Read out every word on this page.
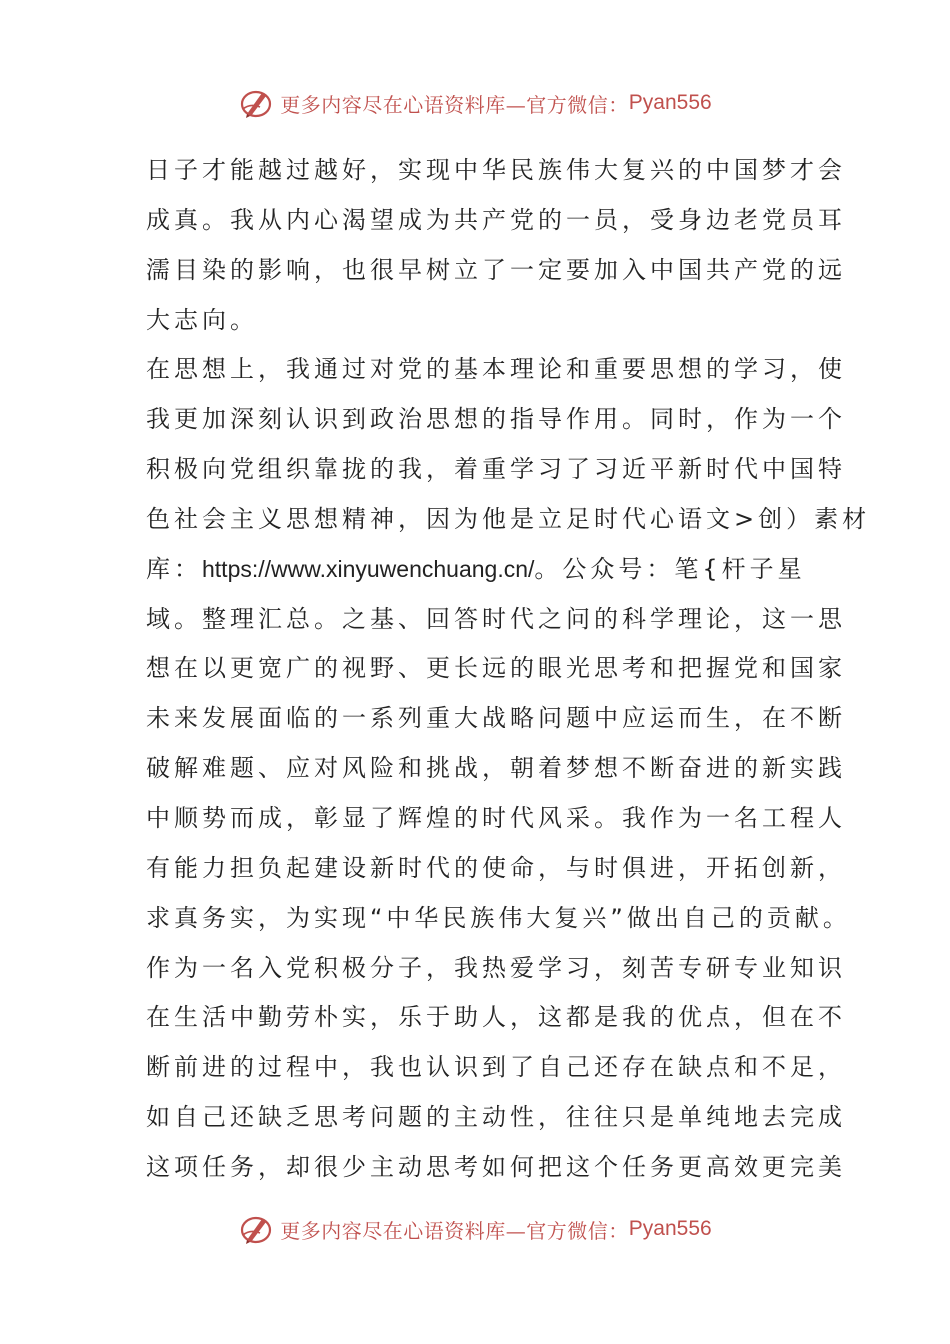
更多内容尽在心语资料库—官方微信： Pyan556
日子才能越过越好，实现中华民族伟大复兴的中国梦才会
成真。我从内心渴望成为共产党的一员，受身边老党员耳
濡目染的影响，也很早树立了一定要加入中国共产党的远
大志向。
在思想上，我通过对党的基本理论和重要思想的学习，使
我更加深刻认识到政治思想的指导作用。同时，作为一个
积极向党组织靠拢的我，着重学习了习近平新时代中国特
色社会主义思想精神，因为他是立足时代心语文>创）素材
库：https://www.xinyuwenchuang.cn/。公众号：笔{杆子星
域。整理汇总。之基、回答时代之问的科学理论，这一思
想在以更宽广的视野、更长远的眼光思考和把握党和国家
未来发展面临的一系列重大战略问题中应运而生，在不断
破解难题、应对风险和挑战，朝着梦想不断奋进的新实践
中顺势而成，彰显了辉煌的时代风采。我作为一名工程人
有能力担负起建设新时代的使命，与时俱进，开拓创新，
求真务实，为实现“中华民族伟大复兴”做出自己的贡献。
作为一名入党积极分子，我热爱学习，刻苦专研专业知识
在生活中勤劳朴实，乐于助人，这都是我的优点，但在不
断前进的过程中，我也认识到了自己还存在缺点和不足，
如自己还缺乏思考问题的主动性，往往只是单纯地去完成
这项任务，却很少主动思考如何把这个任务更高效更完美
更多内容尽在心语资料库—官方微信： Pyan556
